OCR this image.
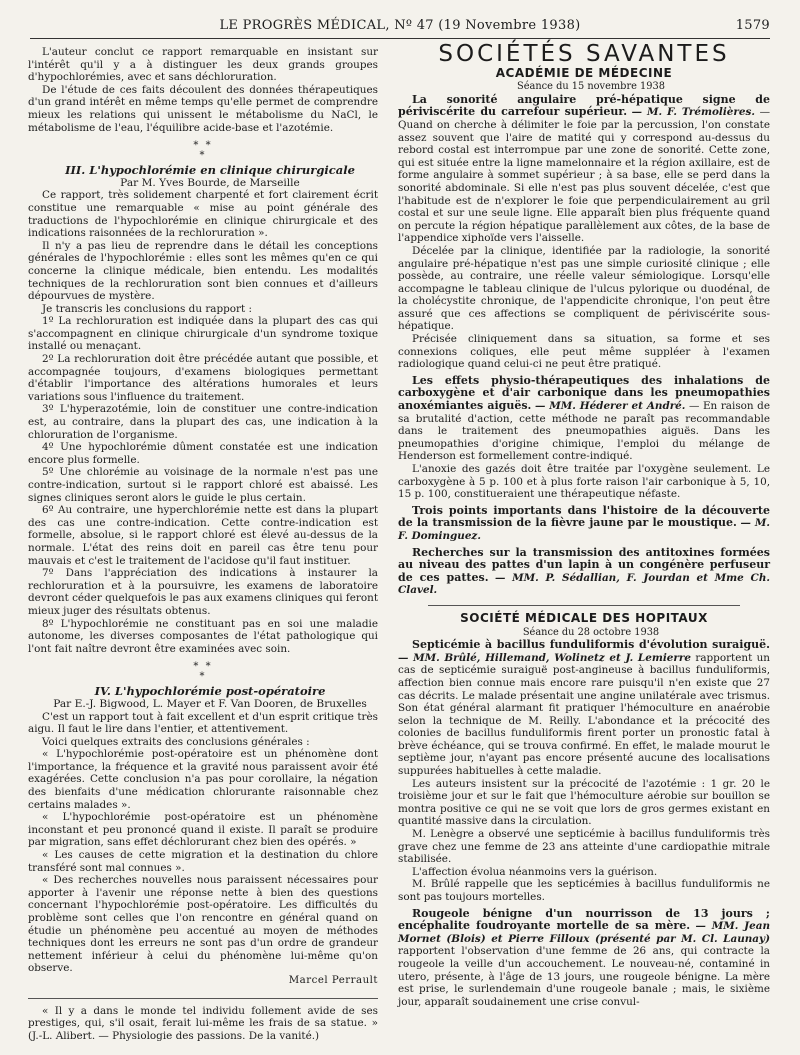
LE PROGRÈS MÉDICAL, Nº 47 (19 Novembre 1938)	1579

L'auteur conclut ce rapport remarquable en insistant sur l'intérêt qu'il y a à distinguer les deux grands groupes d'hypochlorémies, avec et sans déchloruration.

De l'étude de ces faits découlent des données thérapeutiques d'un grand intérêt en même temps qu'elle permet de comprendre mieux les relations qui unissent le métabolisme du NaCl, le métabolisme de l'eau, l'équilibre acide-base et l'azotémie.

* *
*

III. L'hypochlorémie en clinique chirurgicale

Par M. Yves Bourde, de Marseille

Ce rapport, très solidement charpenté et fort clairement écrit constitue une remarquable « mise au point générale des traductions de l'hypochlorémie en clinique chirurgicale et des indications raisonnées de la rechloruration ».

Il n'y a pas lieu de reprendre dans le détail les conceptions générales de l'hypochlorémie : elles sont les mêmes qu'en ce qui concerne la clinique médicale, bien entendu. Les modalités techniques de la rechloruration sont bien connues et d'ailleurs dépourvues de mystère.

Je transcris les conclusions du rapport :

1º La rechloruration est indiquée dans la plupart des cas qui s'accompagnent en clinique chirurgicale d'un syndrome toxique installé ou menaçant.

2º La rechloruration doit être précédée autant que possible, et accompagnée toujours, d'examens biologiques permettant d'établir l'importance des altérations humorales et leurs variations sous l'influence du traitement.

3º L'hyperazotémie, loin de constituer une contre-indication est, au contraire, dans la plupart des cas, une indication à la chloruration de l'organisme.

4º Une hypochlorémie dûment constatée est une indication encore plus formelle.

5º Une chlorémie au voisinage de la normale n'est pas une contre-indication, surtout si le rapport chloré est abaissé. Les signes cliniques seront alors le guide le plus certain.

6º Au contraire, une hyperchlorémie nette est dans la plupart des cas une contre-indication. Cette contre-indication est formelle, absolue, si le rapport chloré est élevé au-dessus de la normale. L'état des reins doit en pareil cas être tenu pour mauvais et c'est le traitement de l'acidose qu'il faut instituer.

7º Dans l'appréciation des indications à instaurer la rechloruration et à la poursuivre, les examens de laboratoire devront céder quelquefois le pas aux examens cliniques qui feront mieux juger des résultats obtenus.

8º L'hypochlorémie ne constituant pas en soi une maladie autonome, les diverses composantes de l'état pathologique qui l'ont fait naître devront être examinées avec soin.

* *
*

IV. L'hypochlorémie post-opératoire

Par E.-J. Bigwood, L. Mayer et F. Van Dooren, de Bruxelles

C'est un rapport tout à fait excellent et d'un esprit critique très aigu. Il faut le lire dans l'entier, et attentivement.

Voici quelques extraits des conclusions générales :

« L'hypochlorémie post-opératoire est un phénomène dont l'importance, la fréquence et la gravité nous paraissent avoir été exagérées. Cette conclusion n'a pas pour corollaire, la négation des bienfaits d'une médication chlorurante raisonnable chez certains malades ».

« L'hypochlorémie post-opératoire est un phénomène inconstant et peu prononcé quand il existe. Il paraît se produire par migration, sans effet déchlorurant chez bien des opérés. »

« Les causes de cette migration et la destination du chlore transféré sont mal connues ».

« Des recherches nouvelles nous paraissent nécessaires pour apporter à l'avenir une réponse nette à bien des questions concernant l'hypochlorémie post-opératoire. Les difficultés du problème sont celles que l'on rencontre en général quand on étudie un phénomène peu accentué au moyen de méthodes techniques dont les erreurs ne sont pas d'un ordre de grandeur nettement inférieur à celui du phénomène lui-même qu'on observe.

Marcel Perrault

« Il y a dans le monde tel individu follement avide de ses prestiges, qui, s'il osait, ferait lui-même les frais de sa statue. » (J.-L. Alibert. — Physiologie des passions. De la vanité.)

SOCIÉTÉS SAVANTES
ACADÉMIE DE MÉDECINE

Séance du 15 novembre 1938

La sonorité angulaire pré-hépatique signe de périviscérite du carrefour supérieur. — M. F. Trémolières. — Quand on cherche à délimiter le foie par la percussion, l'on constate assez souvent que l'aire de matité qui y correspond au-dessus du rebord costal est interrompue par une zone de sonorité. Cette zone, qui est située entre la ligne mamelonnaire et la région axillaire, est de forme angulaire à sommet supérieur ; à sa base, elle se perd dans la sonorité abdominale. Si elle n'est pas plus souvent décelée, c'est que l'habitude est de n'explorer le foie que perpendiculairement au gril costal et sur une seule ligne. Elle apparaît bien plus fréquente quand on percute la région hépatique parallèlement aux côtes, de la base de l'appendice xiphoïde vers l'aisselle.

Décelée par la clinique, identifiée par la radiologie, la sonorité angulaire pré-hépatique n'est pas une simple curiosité clinique ; elle possède, au contraire, une réelle valeur sémiologique. Lorsqu'elle accompagne le tableau clinique de l'ulcus pylorique ou duodénal, de la cholécystite chronique, de l'appendicite chronique, l'on peut être assuré que ces affections se compliquent de périviscérite sous-hépatique.

Précisée cliniquement dans sa situation, sa forme et ses connexions coliques, elle peut même suppléer à l'examen radiologique quand celui-ci ne peut être pratiqué.

Les effets physio-thérapeutiques des inhalations de carboxygène et d'air carbonique dans les pneumopathies anoxémiantes aiguës. — MM. Héderer et André. — En raison de sa brutalité d'action, cette méthode ne paraît pas recommandable dans le traitement des pneumopathies aiguës. Dans les pneumopathies d'origine chimique, l'emploi du mélange de Henderson est formellement contre-indiqué.

L'anoxie des gazés doit être traitée par l'oxygène seulement. Le carboxygène à 5 p. 100 et à plus forte raison l'air carbonique à 5, 10, 15 p. 100, constitueraient une thérapeutique néfaste.

Trois points importants dans l'histoire de la découverte de la transmission de la fièvre jaune par le moustique. — M. F. Dominguez.

Recherches sur la transmission des antitoxines formées au niveau des pattes d'un lapin à un congénère perfuseur de ces pattes. — MM. P. Sédallian, F. Jourdan et Mme Ch. Clavel.

SOCIÉTÉ MÉDICALE DES HOPITAUX

Séance du 28 octobre 1938

Septicémie à bacillus funduliformis d'évolution suraiguë. — MM. Brûlé, Hillemand, Wolinetz et J. Lemierre rapportent un cas de septicémie suraiguë post-angineuse à bacillus funduliformis, affection bien connue mais encore rare puisqu'il n'en existe que 27 cas décrits. Le malade présentait une angine unilatérale avec trismus. Son état général alarmant fit pratiquer l'hémoculture en anaérobie selon la technique de M. Reilly. L'abondance et la précocité des colonies de bacillus funduliformis firent porter un pronostic fatal à brève échéance, qui se trouva confirmé. En effet, le malade mourut le septième jour, n'ayant pas encore présenté aucune des localisations suppurées habituelles à cette maladie.

Les auteurs insistent sur la précocité de l'azotémie : 1 gr. 20 le troisième jour et sur le fait que l'hémoculture aérobie sur bouillon se montra positive ce qui ne se voit que lors de gros germes existant en quantité massive dans la circulation.

M. Lenègre a observé une septicémie à bacillus funduliformis très grave chez une femme de 23 ans atteinte d'une cardiopathie mitrale stabilisée.

L'affection évolua néanmoins vers la guérison.

M. Brûlé rappelle que les septicémies à bacillus funduliformis ne sont pas toujours mortelles.

Rougeole bénigne d'un nourrisson de 13 jours ; encéphalite foudroyante mortelle de sa mère. — MM. Jean Mornet (Blois) et Pierre Filloux (présenté par M. Cl. Launay) rapportent l'observation d'une femme de 26 ans, qui contracte la rougeole la veille d'un accouchement. Le nouveau-né, contaminé in utero, présente, à l'âge de 13 jours, une rougeole bénigne. La mère est prise, le surlendemain d'une rougeole banale ; mais, le sixième jour, apparaît soudainement une crise convul-
